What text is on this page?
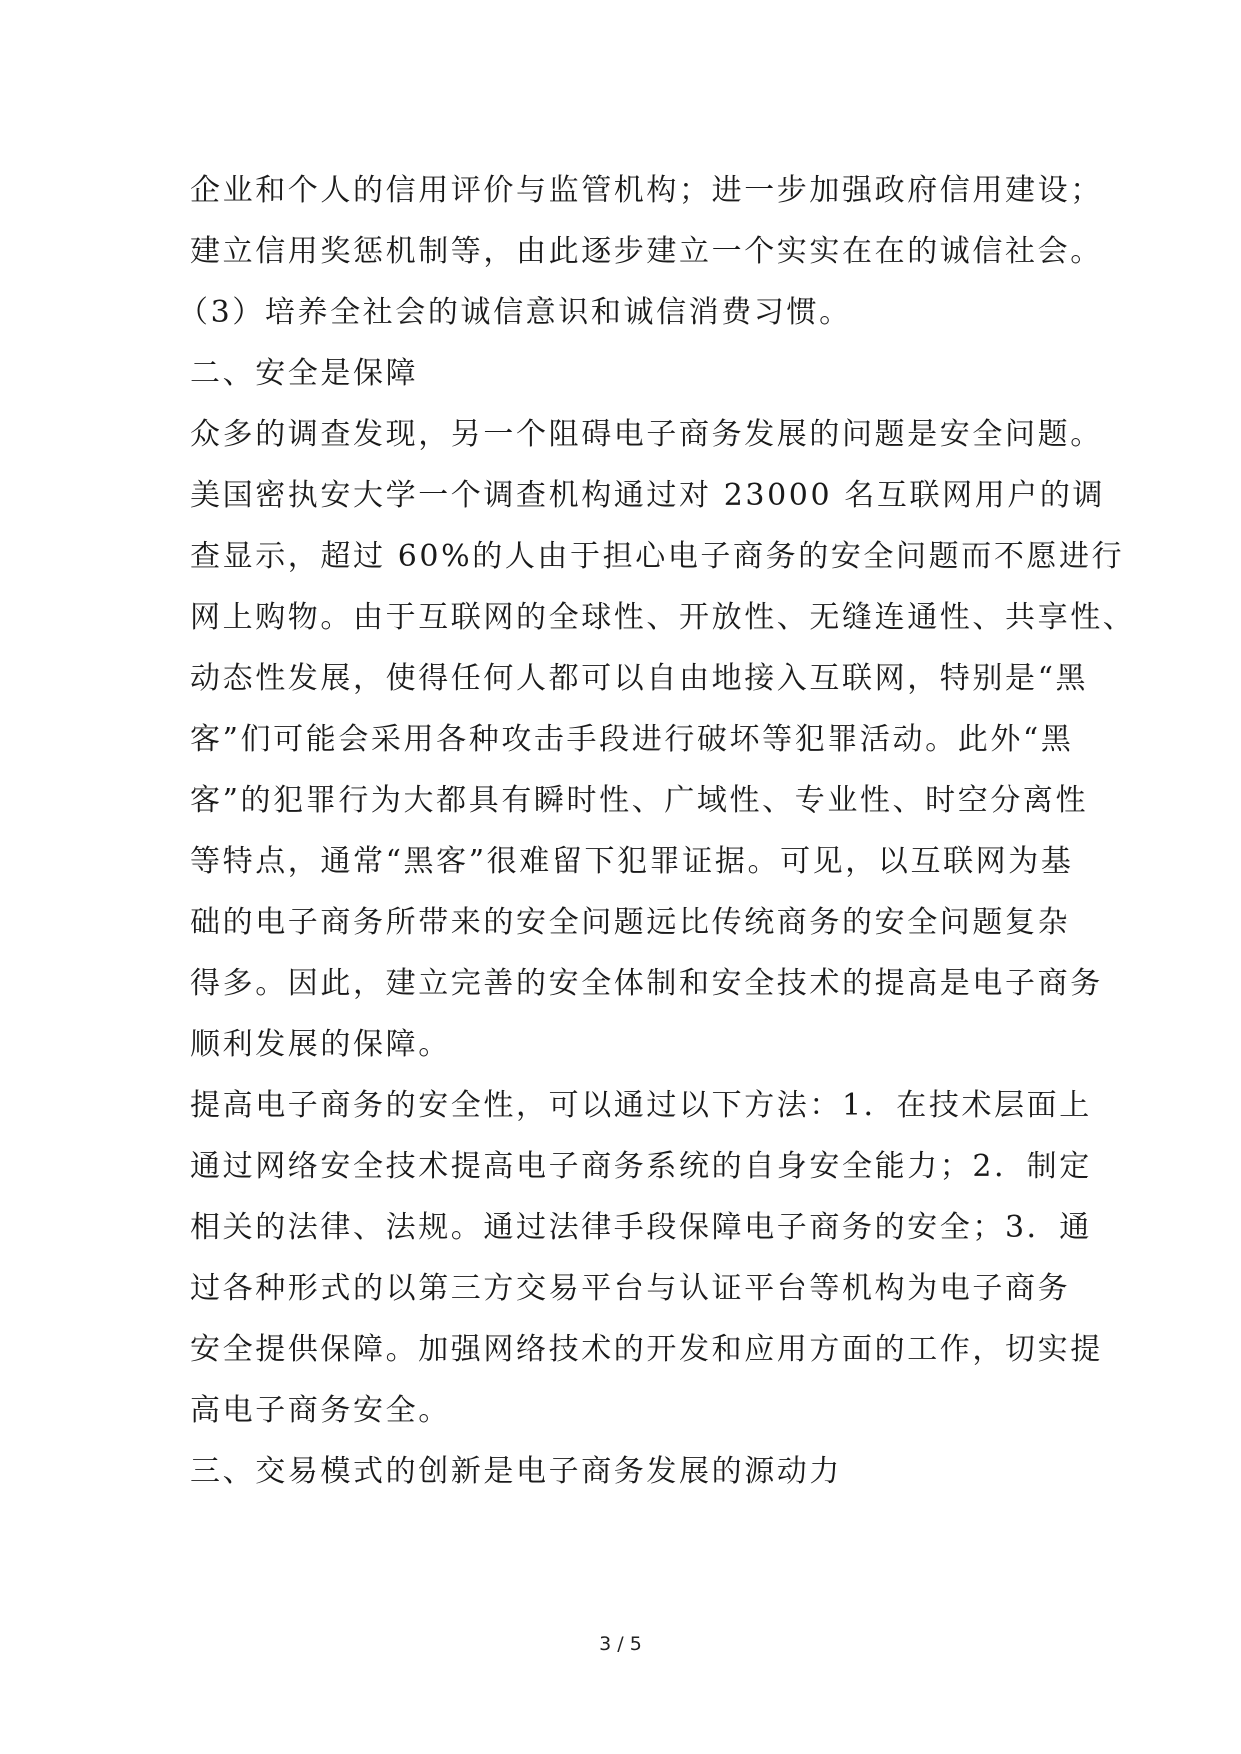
企业和个人的信用评价与监管机构；进一步加强政府信用建设；
建立信用奖惩机制等，由此逐步建立一个实实在在的诚信社会。
（3）培养全社会的诚信意识和诚信消费习惯。
二、安全是保障
众多的调查发现，另一个阻碍电子商务发展的问题是安全问题。
美国密执安大学一个调查机构通过对 23000 名互联网用户的调
查显示，超过 60%的人由于担心电子商务的安全问题而不愿进行
网上购物。由于互联网的全球性、开放性、无缝连通性、共享性、
动态性发展，使得任何人都可以自由地接入互联网，特别是“黑
客”们可能会采用各种攻击手段进行破坏等犯罪活动。此外“黑
客”的犯罪行为大都具有瞬时性、广域性、专业性、时空分离性
等特点，通常“黑客”很难留下犯罪证据。可见，以互联网为基
础的电子商务所带来的安全问题远比传统商务的安全问题复杂
得多。因此，建立完善的安全体制和安全技术的提高是电子商务
顺利发展的保障。
提高电子商务的安全性，可以通过以下方法：1．在技术层面上
通过网络安全技术提高电子商务系统的自身安全能力；2．制定
相关的法律、法规。通过法律手段保障电子商务的安全；3．通
过各种形式的以第三方交易平台与认证平台等机构为电子商务
安全提供保障。加强网络技术的开发和应用方面的工作，切实提
高电子商务安全。
三、交易模式的创新是电子商务发展的源动力
3 / 5
